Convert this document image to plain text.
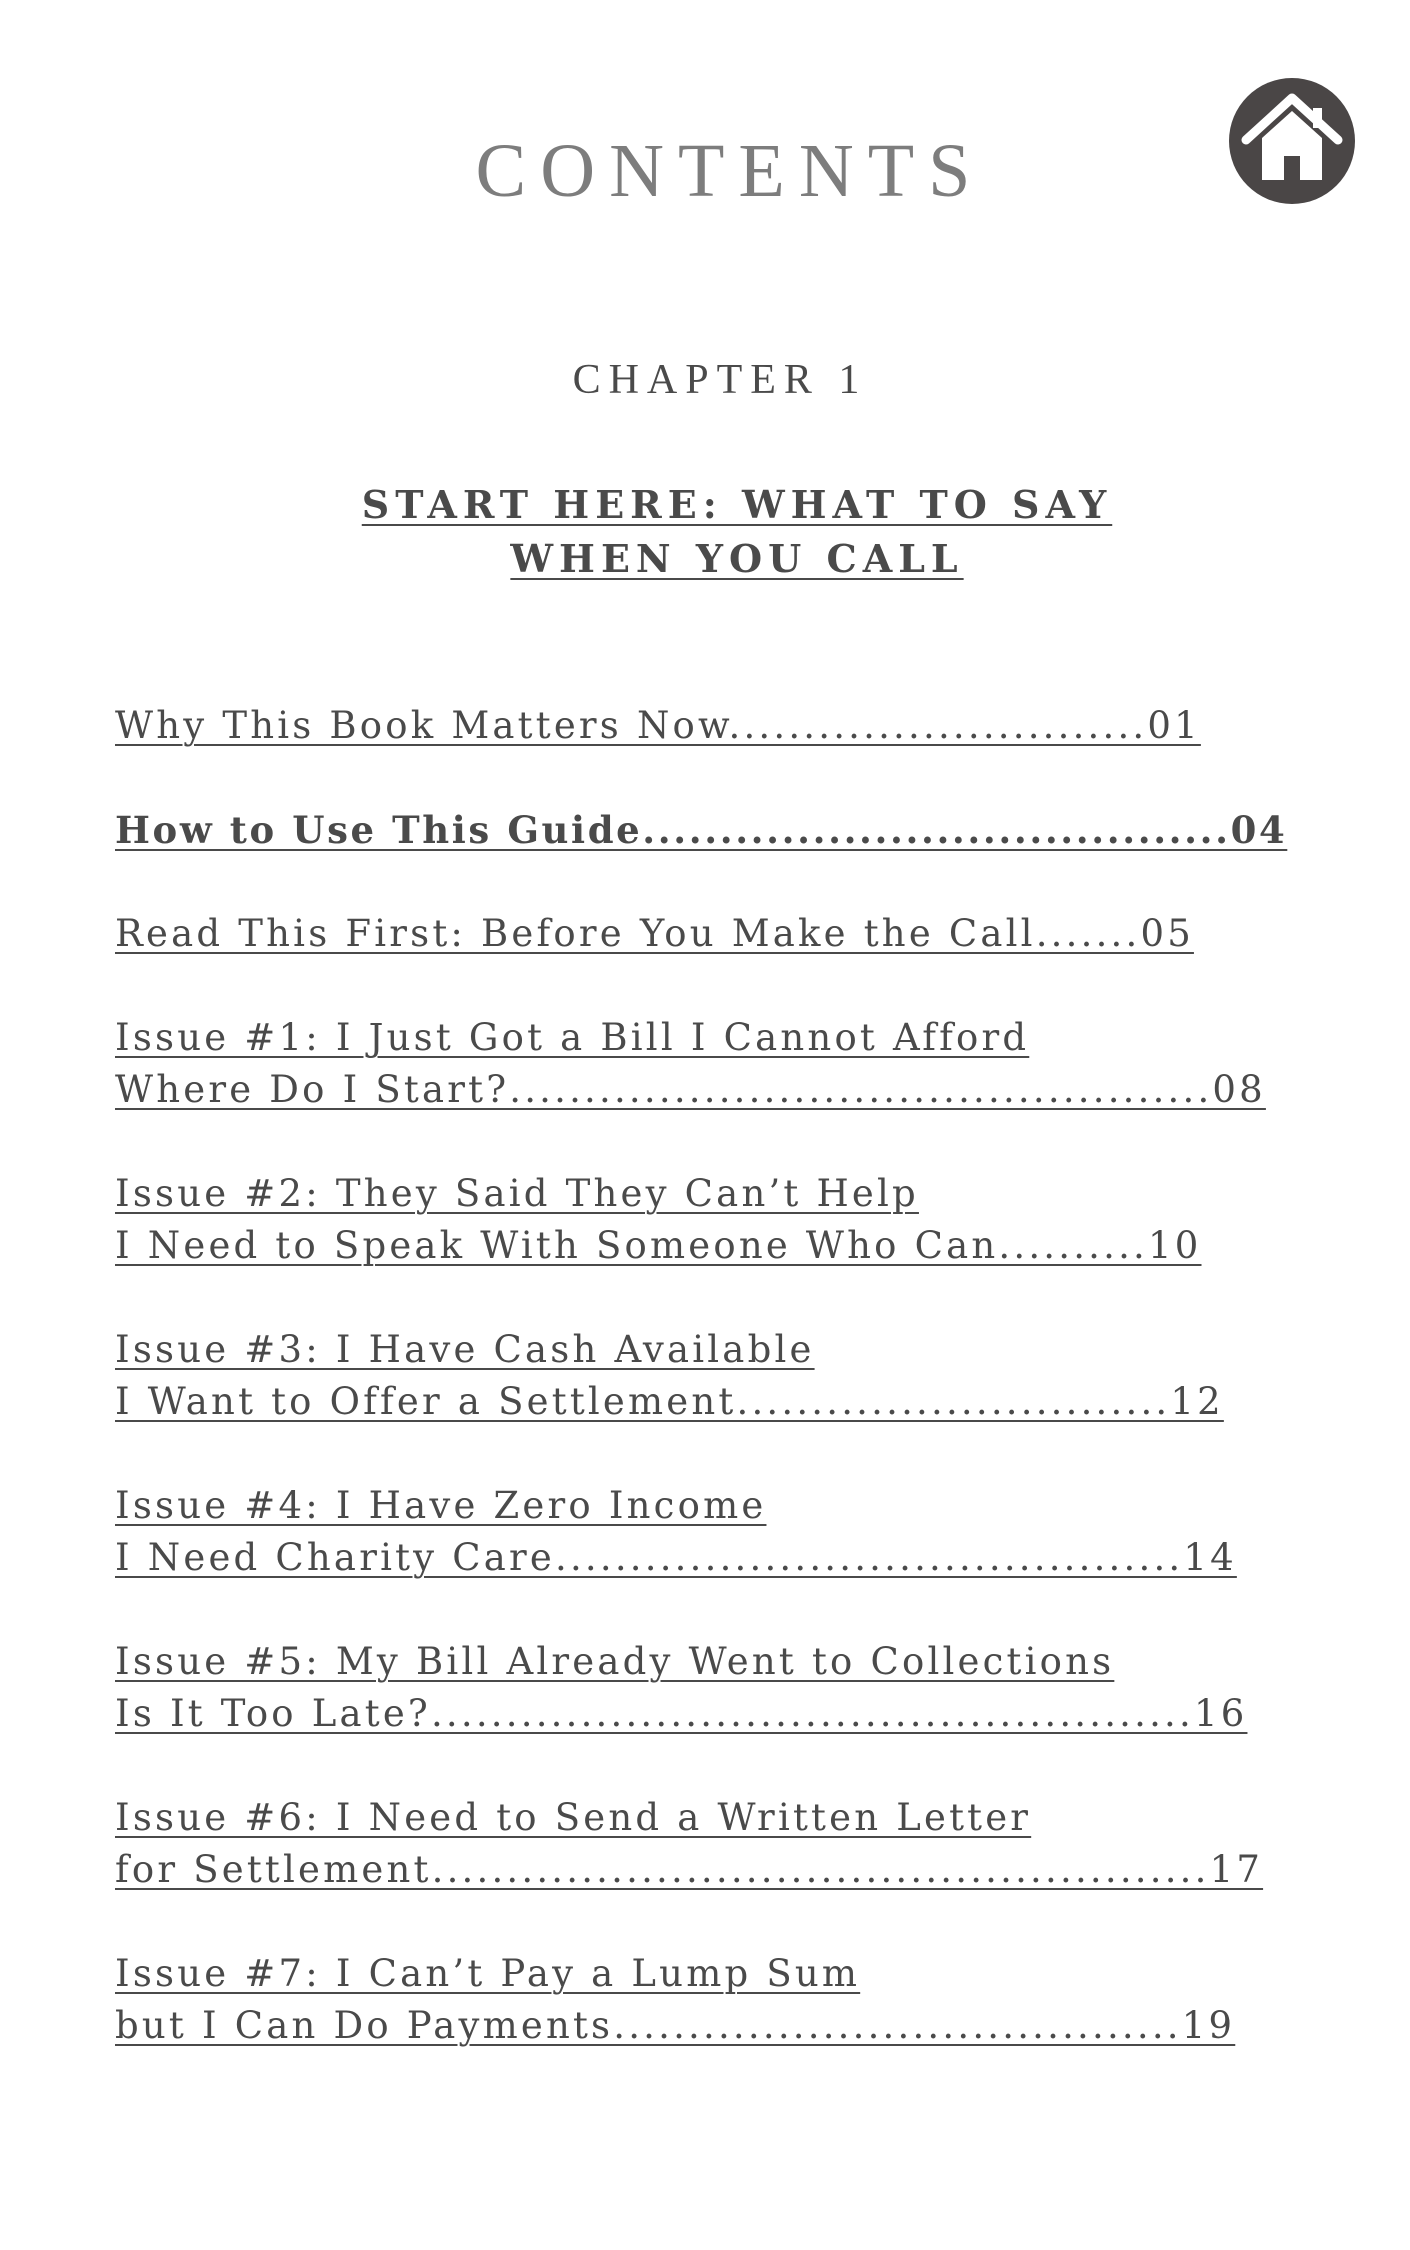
CONTENTS
CHAPTER 1
START HERE: WHAT TO SAY
WHEN YOU CALL
Why This Book Matters Now............................01
How to Use This Guide......................................04
Read This First: Before You Make the Call.......05
Issue #1: I Just Got a Bill I Cannot Afford
Where Do I Start?...............................................08
Issue #2: They Said They Can’t Help
I Need to Speak With Someone Who Can..........10
Issue #3: I Have Cash Available
I Want to Offer a Settlement.............................12
Issue #4: I Have Zero Income
I Need Charity Care..........................................14
Issue #5: My Bill Already Went to Collections
Is It Too Late?...................................................16
Issue #6: I Need to Send a Written Letter
for Settlement....................................................17
Issue #7: I Can’t Pay a Lump Sum
but I Can Do Payments......................................19
